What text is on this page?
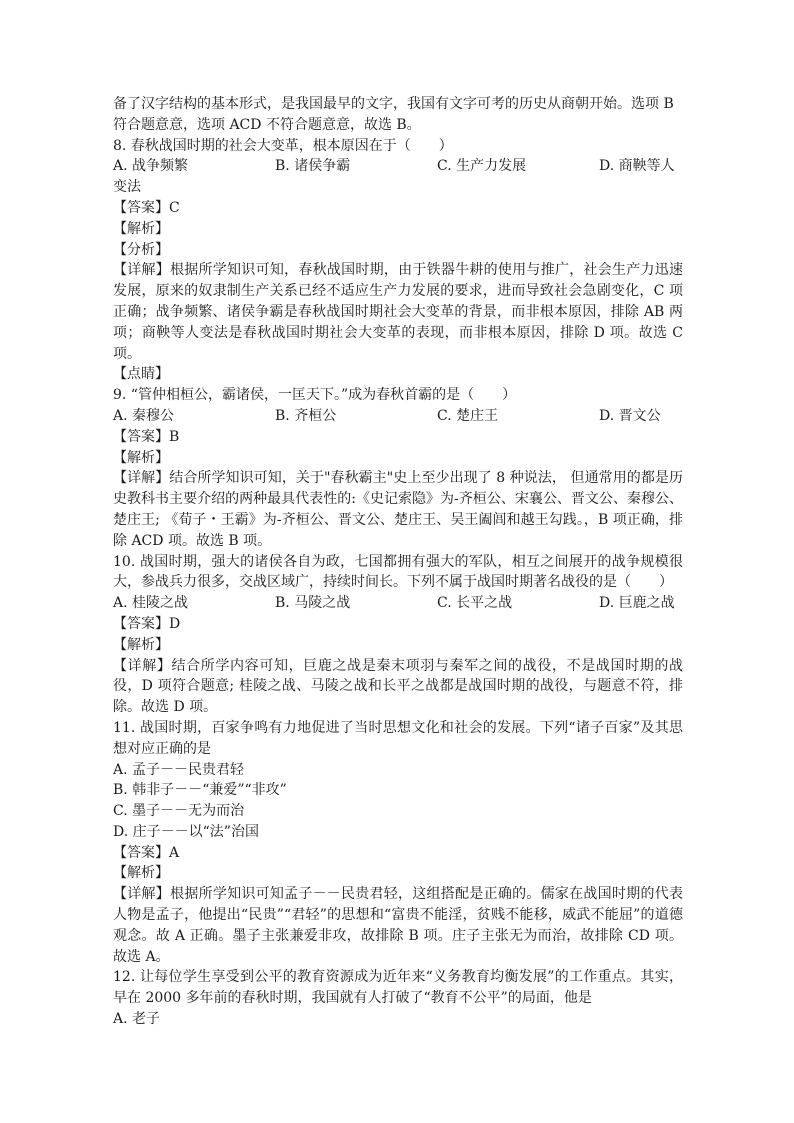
备了汉字结构的基本形式，是我国最早的文字，我国有文字可考的历史从商朝开始。选项 B
符合题意意，选项 ACD 不符合题意意，故选 B。
8. 春秋战国时期的社会大变革，根本原因在于（　　）
A. 战争频繁	B. 诸侯争霸	C. 生产力发展	D. 商鞅等人
变法
【答案】C
【解析】
【分析】
【详解】根据所学知识可知，春秋战国时期，由于铁器牛耕的使用与推广，社会生产力迅速发展，原来的奴隶制生产关系已经不适应生产力发展的要求，进而导致社会急剧变化，C 项正确；战争频繁、诸侯争霸是春秋战国时期社会大变革的背景，而非根本原因，排除 AB 两项；商鞅等人变法是春秋战国时期社会大变革的表现，而非根本原因，排除 D 项。故选 C 项。
【点睛】
9. “管仲相桓公，霸诸侯，一匡天下。”成为春秋首霸的是（　　）
A. 秦穆公	B. 齐桓公	C. 楚庄王	D. 晋文公
【答案】B
【解析】
【详解】结合所学知识可知，关于"春秋霸主"史上至少出现了 8 种说法， 但通常用的都是历史教科书主要介绍的两种最具代表性的:《史记索隐》为-齐桓公、宋襄公、晋文公、秦穆公、楚庄王; 《荀子・王霸》为-齐桓公、晋文公、楚庄王、吴王阖闾和越王勾践。，B 项正确，排除 ACD 项。故选 B 项。
10. 战国时期，强大的诸侯各自为政，七国都拥有强大的军队，相互之间展开的战争规模很大，参战兵力很多，交战区域广，持续时间长。下列不属于战国时期著名战役的是（　　）
A. 桂陵之战	B. 马陵之战	C. 长平之战	D. 巨鹿之战
【答案】D
【解析】
【详解】结合所学内容可知，巨鹿之战是秦末项羽与秦军之间的战役，不是战国时期的战役，D 项符合题意; 桂陵之战、马陵之战和长平之战都是战国时期的战役，与题意不符，排除。故选 D 项。
11. 战国时期，百家争鸣有力地促进了当时思想文化和社会的发展。下列“诸子百家”及其思想对应正确的是
A. 孟子－－民贵君轻
B. 韩非子－－“兼爱”“非攻”
C. 墨子－－无为而治
D. 庄子－－以“法”治国
【答案】A
【解析】
【详解】根据所学知识可知孟子－－民贵君轻，这组搭配是正确的。儒家在战国时期的代表人物是孟子，他提出“民贵”“君轻”的思想和“富贵不能淫，贫贱不能移，威武不能屈”的道德观念。故 A 正确。墨子主张兼爱非攻，故排除 B 项。庄子主张无为而治，故排除 CD 项。故选 A。
12. 让每位学生享受到公平的教育资源成为近年来“义务教育均衡发展”的工作重点。其实，早在 2000 多年前的春秋时期，我国就有人打破了“教育不公平”的局面，他是
A. 老子
